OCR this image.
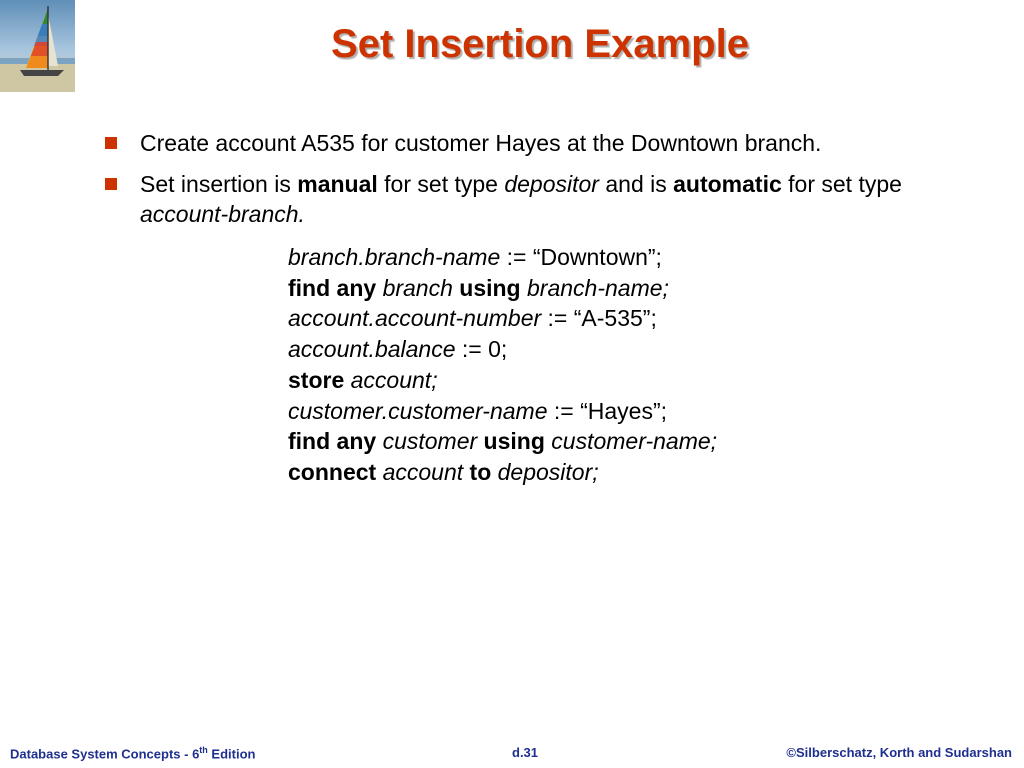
Set Insertion Example
Create account A535 for customer Hayes at the Downtown branch.
Set insertion is manual for set type depositor and is automatic for set type account-branch.
branch.branch-name := “Downtown”;
find any branch using branch-name;
account.account-number := “A-535”;
account.balance := 0;
store account;
customer.customer-name := “Hayes”;
find any customer using customer-name;
connect account to depositor;
Database System Concepts - 6th Edition	d.31	©Silberschatz, Korth and Sudarshan
